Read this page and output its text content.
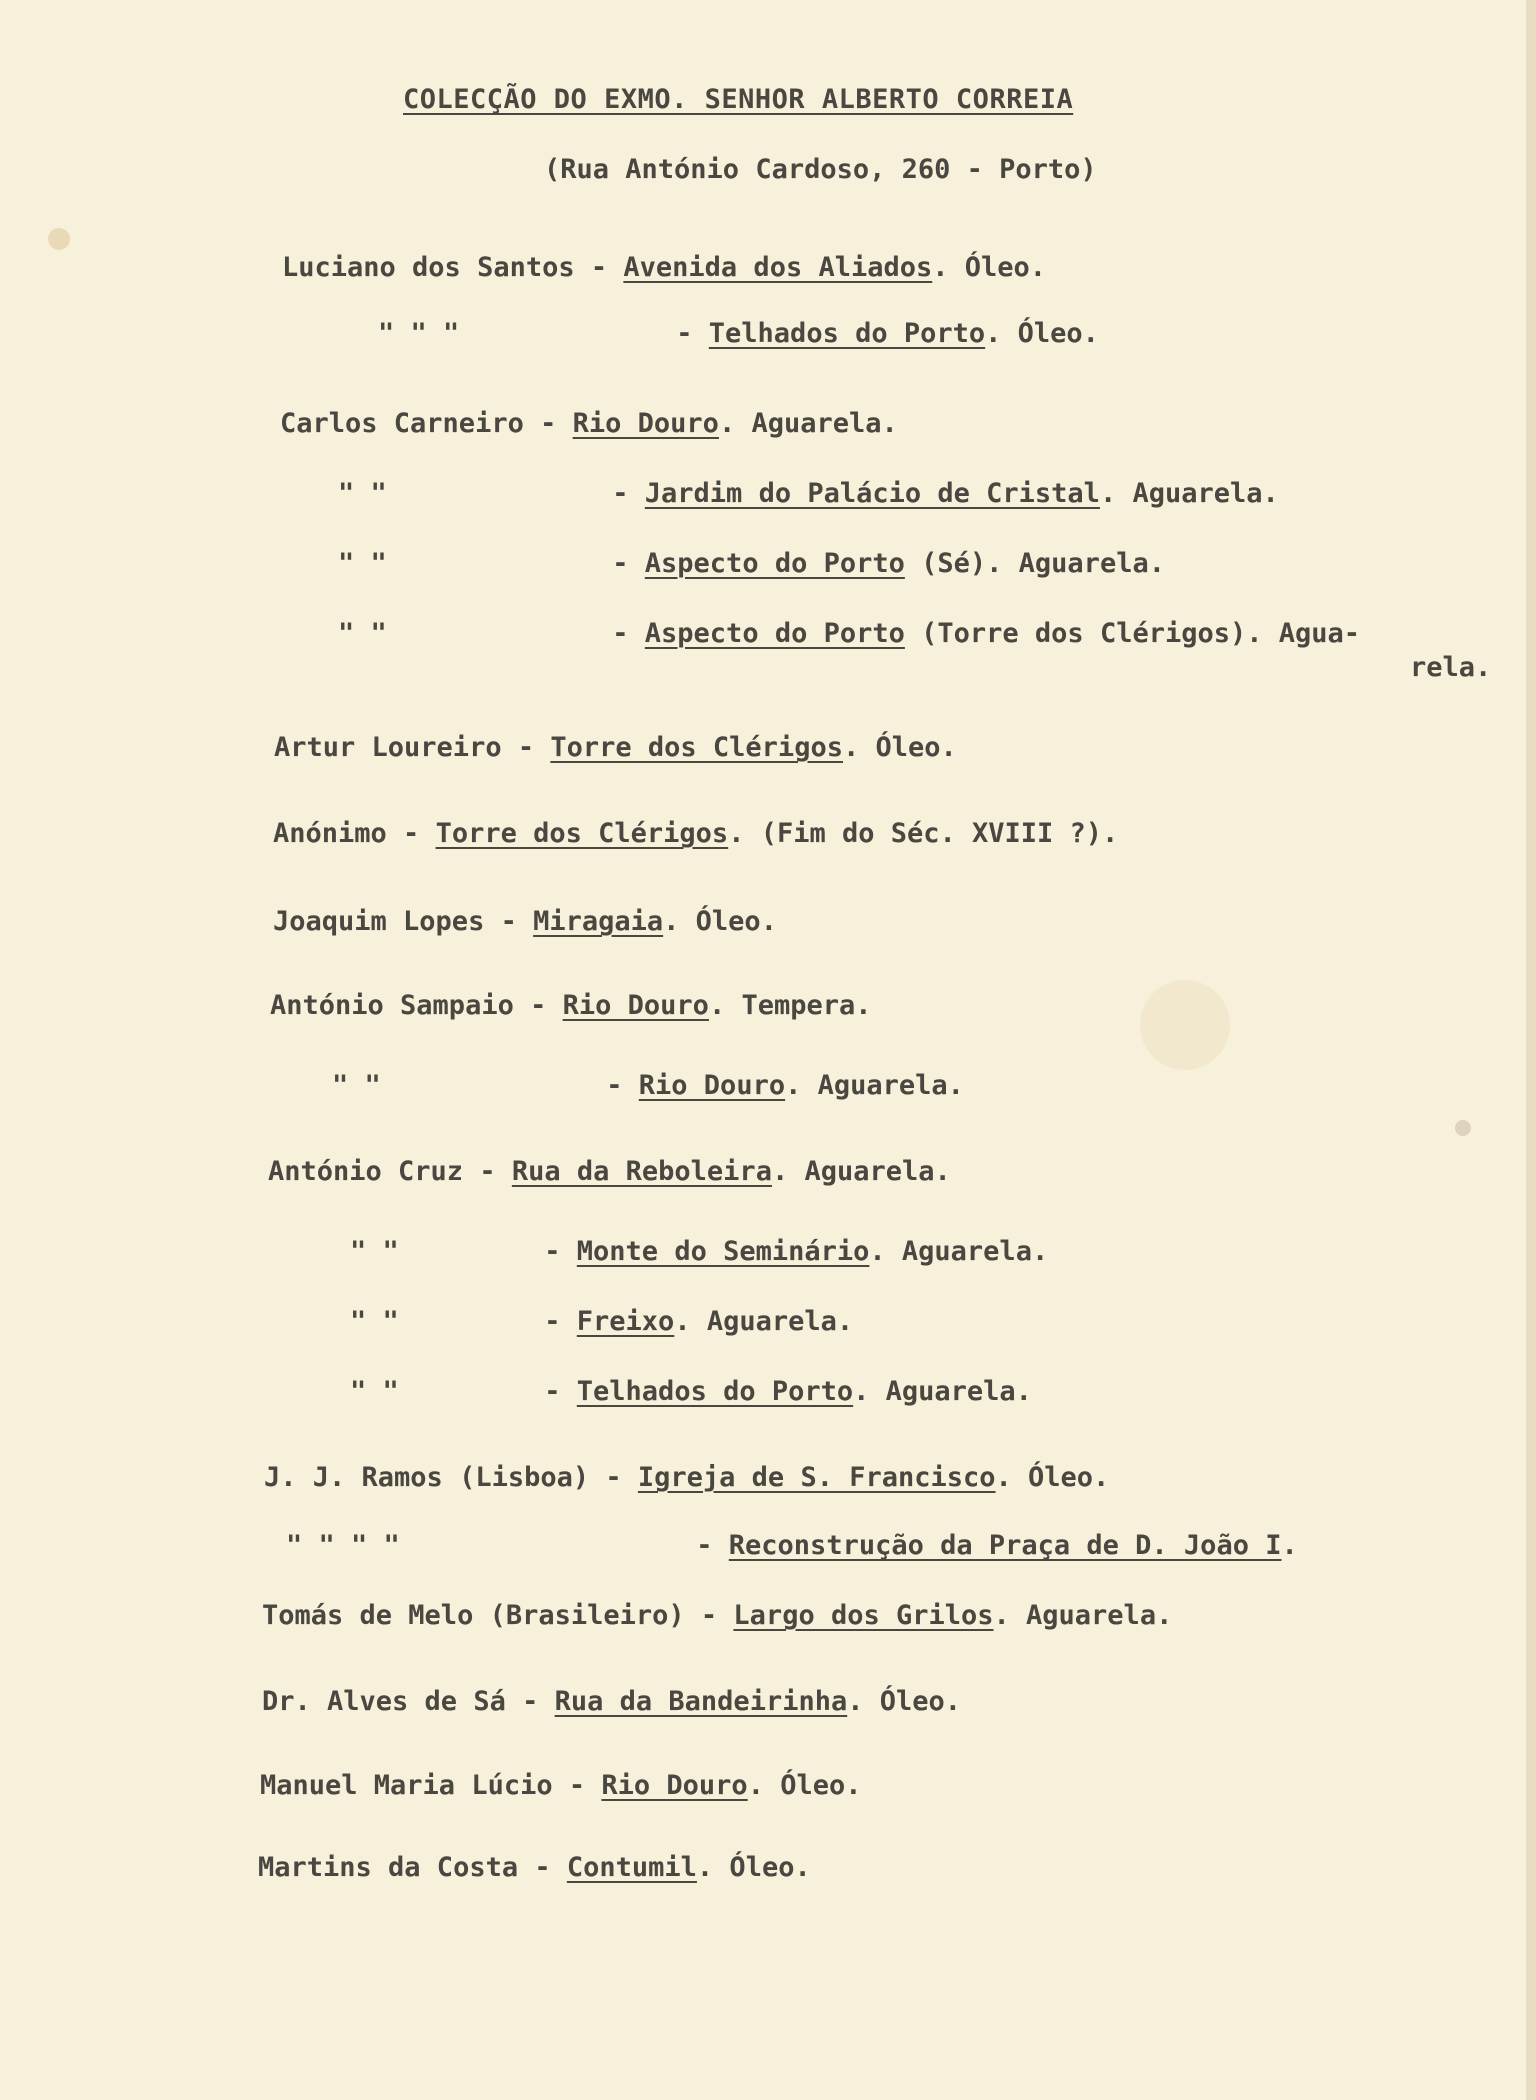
COLECÇÃO DO EXMO. SENHOR ALBERTO CORREIA
(Rua António Cardoso, 260 - Porto)
Luciano dos Santos - Avenida dos Aliados. Óleo.
" " "	- Telhados do Porto. Óleo.
Carlos Carneiro - Rio Douro. Aguarela.
" "	- Jardim do Palácio de Cristal. Aguarela.
" "	- Aspecto do Porto (Sé). Aguarela.
" "	- Aspecto do Porto (Torre dos Clérigos). Agua-
rela.
Artur Loureiro - Torre dos Clérigos. Óleo.
Anónimo - Torre dos Clérigos. (Fim do Séc. XVIII ?).
Joaquim Lopes - Miragaia. Óleo.
António Sampaio - Rio Douro. Tempera.
" "	- Rio Douro. Aguarela.
António Cruz - Rua da Reboleira. Aguarela.
" "	- Monte do Seminário. Aguarela.
" "	- Freixo. Aguarela.
" "	- Telhados do Porto. Aguarela.
J. J. Ramos (Lisboa) - Igreja de S. Francisco. Óleo.
" " " "	- Reconstrução da Praça de D. João I.
Tomás de Melo (Brasileiro) - Largo dos Grilos. Aguarela.
Dr. Alves de Sá - Rua da Bandeirinha. Óleo.
Manuel Maria Lúcio - Rio Douro. Óleo.
Martins da Costa - Contumil. Óleo.
